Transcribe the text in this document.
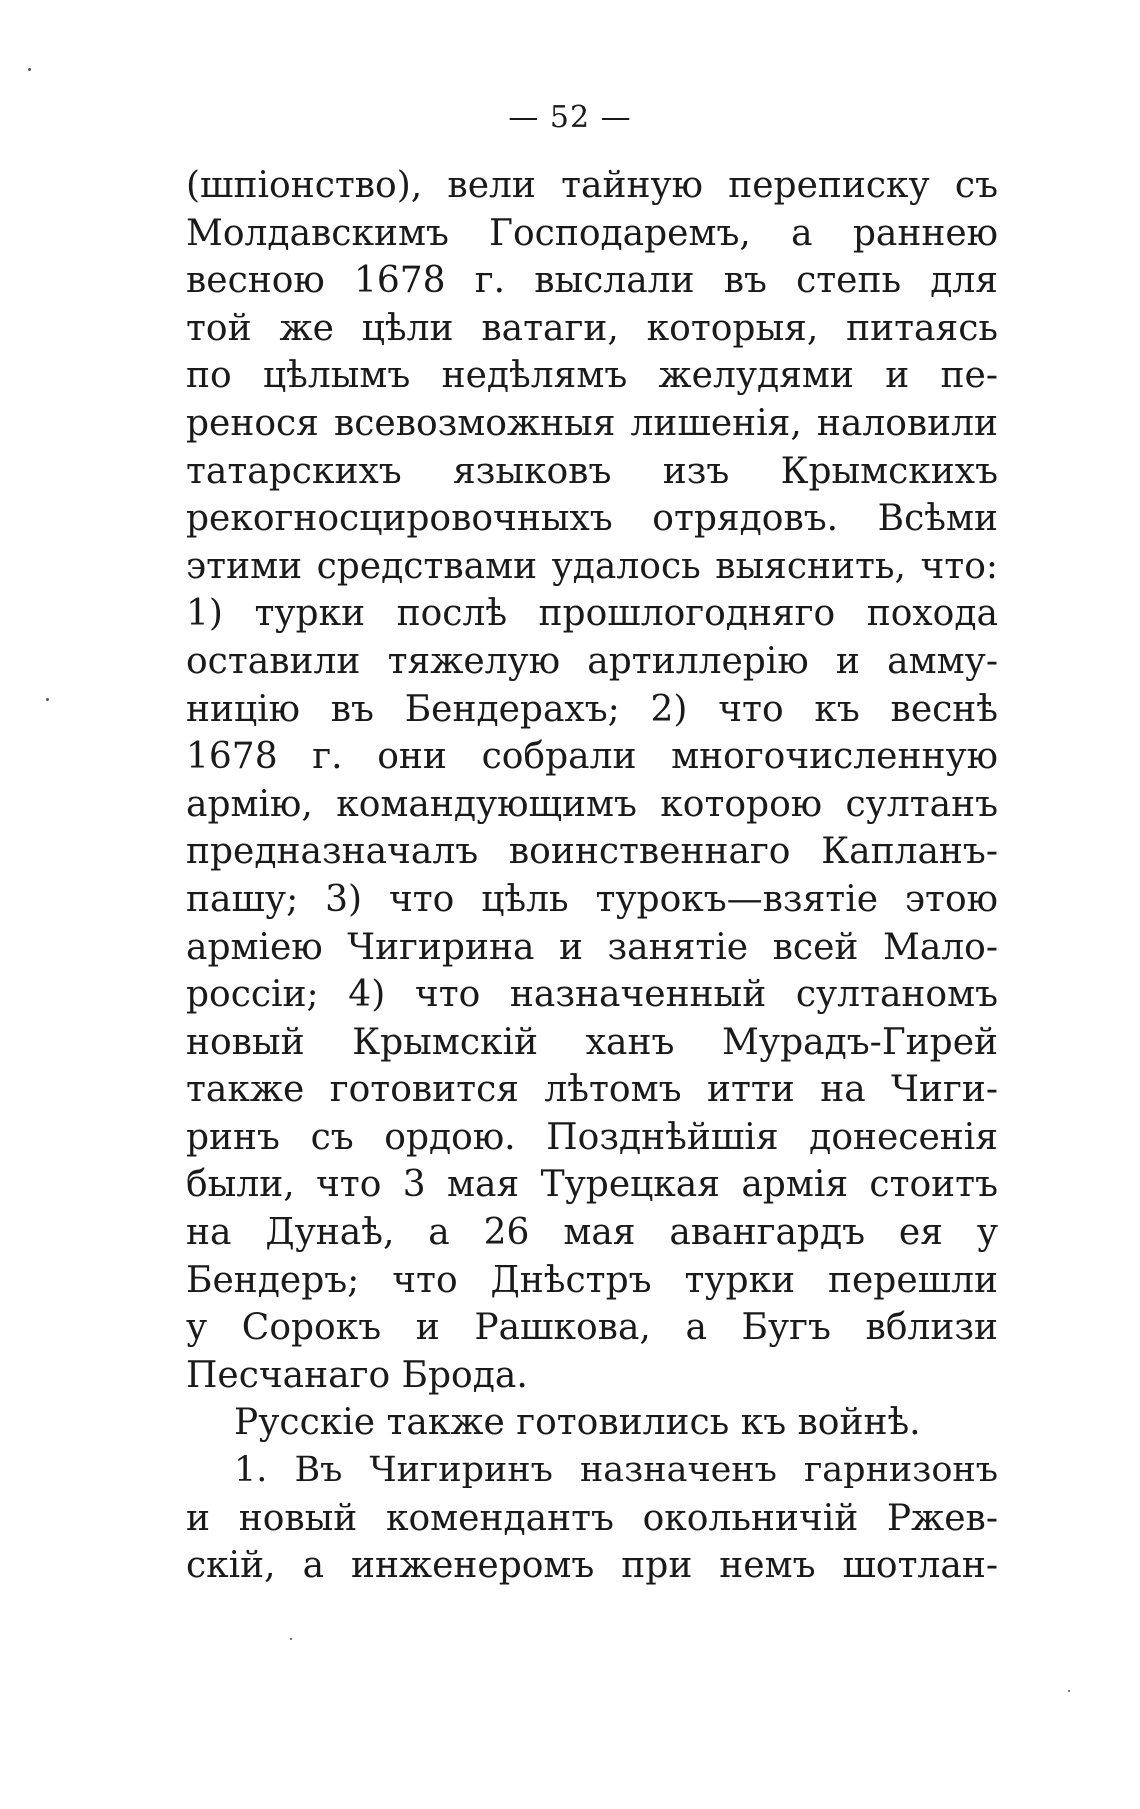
— 52 —
(шпіонство), вели тайную переписку съ
Молдавскимъ Господаремъ, а раннею
весною 1678 г. выслали въ степь для
той же цѣли ватаги, которыя, питаясь
по цѣлымъ недѣлямъ желудями и пе-
ренося всевозможныя лишенія, наловили
татарскихъ языковъ изъ Крымскихъ
рекогносцировочныхъ отрядовъ. Всѣми
этими средствами удалось выяснить, что:
1) турки послѣ прошлогодняго похода
оставили тяжелую артиллерію и амму-
ницію въ Бендерахъ; 2) что къ веснѣ
1678 г. они собрали многочисленную
армію, командующимъ которою султанъ
предназначалъ воинственнаго Капланъ-
пашу; 3) что цѣль турокъ—взятіе этою
арміею Чигирина и занятіе всей Мало-
россіи; 4) что назначенный султаномъ
новый Крымскій ханъ Мурадъ-Гирей
также готовится лѣтомъ итти на Чиги-
ринъ съ ордою. Позднѣйшія донесенія
были, что 3 мая Турецкая армія стоитъ
на Дунаѣ, а 26 мая авангардъ ея у
Бендеръ; что Днѣстръ турки перешли
у Сорокъ и Рашкова, а Бугъ вблизи
Песчанаго Брода.
Русскіе также готовились къ войнѣ.
1. Въ Чигиринъ назначенъ гарнизонъ
и новый комендантъ окольничій Ржев-
скій, а инженеромъ при немъ шотлан-
